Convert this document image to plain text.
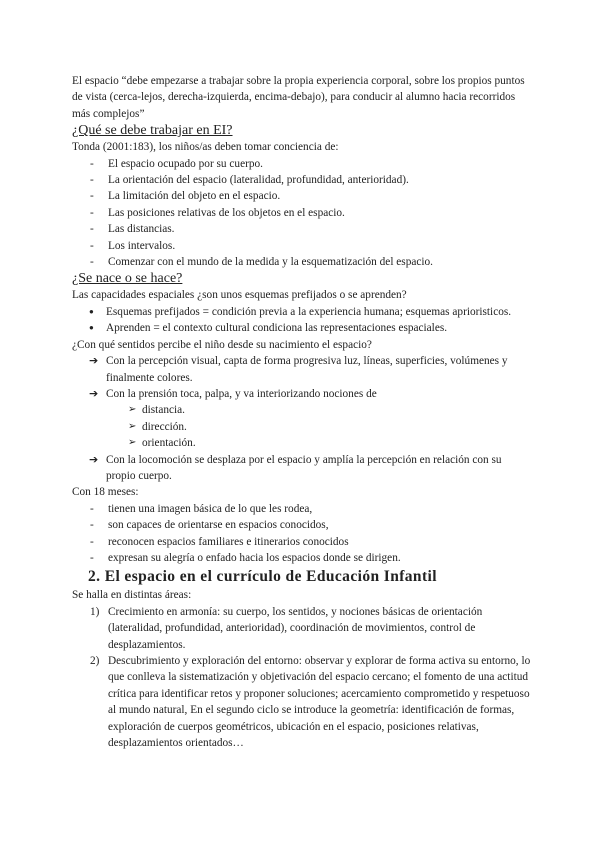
El espacio “debe empezarse a trabajar sobre la propia experiencia corporal, sobre los propios puntos de vista (cerca-lejos, derecha-izquierda, encima-debajo), para conducir al alumno hacia recorridos más complejos”

¿Qué se debe trabajar en EI?

Tonda (2001:183), los niños/as deben tomar conciencia de:

- El espacio ocupado por su cuerpo.
- La orientación del espacio (lateralidad, profundidad, anterioridad).
- La limitación del objeto en el espacio.
- Las posiciones relativas de los objetos en el espacio.
- Las distancias.
- Los intervalos.
- Comenzar con el mundo de la medida y la esquematización del espacio.

¿Se nace o se hace?

Las capacidades espaciales ¿son unos esquemas prefijados o se aprenden?

● Esquemas prefijados = condición previa a la experiencia humana; esquemas aprioristicos.
● Aprenden = el contexto cultural condiciona las representaciones espaciales.

¿Con qué sentidos percibe el niño desde su nacimiento el espacio?

➔ Con la percepción visual, capta de forma progresiva luz, líneas, superficies, volúmenes y finalmente colores.
➔ Con la prensión toca, palpa, y va interiorizando nociones de
➢ distancia.
➢ dirección.
➢ orientación.
➔ Con la locomoción se desplaza por el espacio y amplía la percepción en relación con su propio cuerpo.

Con 18 meses:

- tienen una imagen básica de lo que les rodea,
- son capaces de orientarse en espacios conocidos,
- reconocen espacios familiares e itinerarios conocidos
- expresan su alegría o enfado hacia los espacios donde se dirigen.

2. El espacio en el currículo de Educación Infantil

Se halla en distintas áreas:

1) Crecimiento en armonía: su cuerpo, los sentidos, y nociones básicas de orientación (lateralidad, profundidad, anterioridad), coordinación de movimientos, control de desplazamientos.
2) Descubrimiento y exploración del entorno: observar y explorar de forma activa su entorno, lo que conlleva la sistematización y objetivación del espacio cercano; el fomento de una actitud crítica para identificar retos y proponer soluciones; acercamiento comprometido y respetuoso al mundo natural, En el segundo ciclo se introduce la geometría: identificación de formas, exploración de cuerpos geométricos, ubicación en el espacio, posiciones relativas, desplazamientos orientados…
